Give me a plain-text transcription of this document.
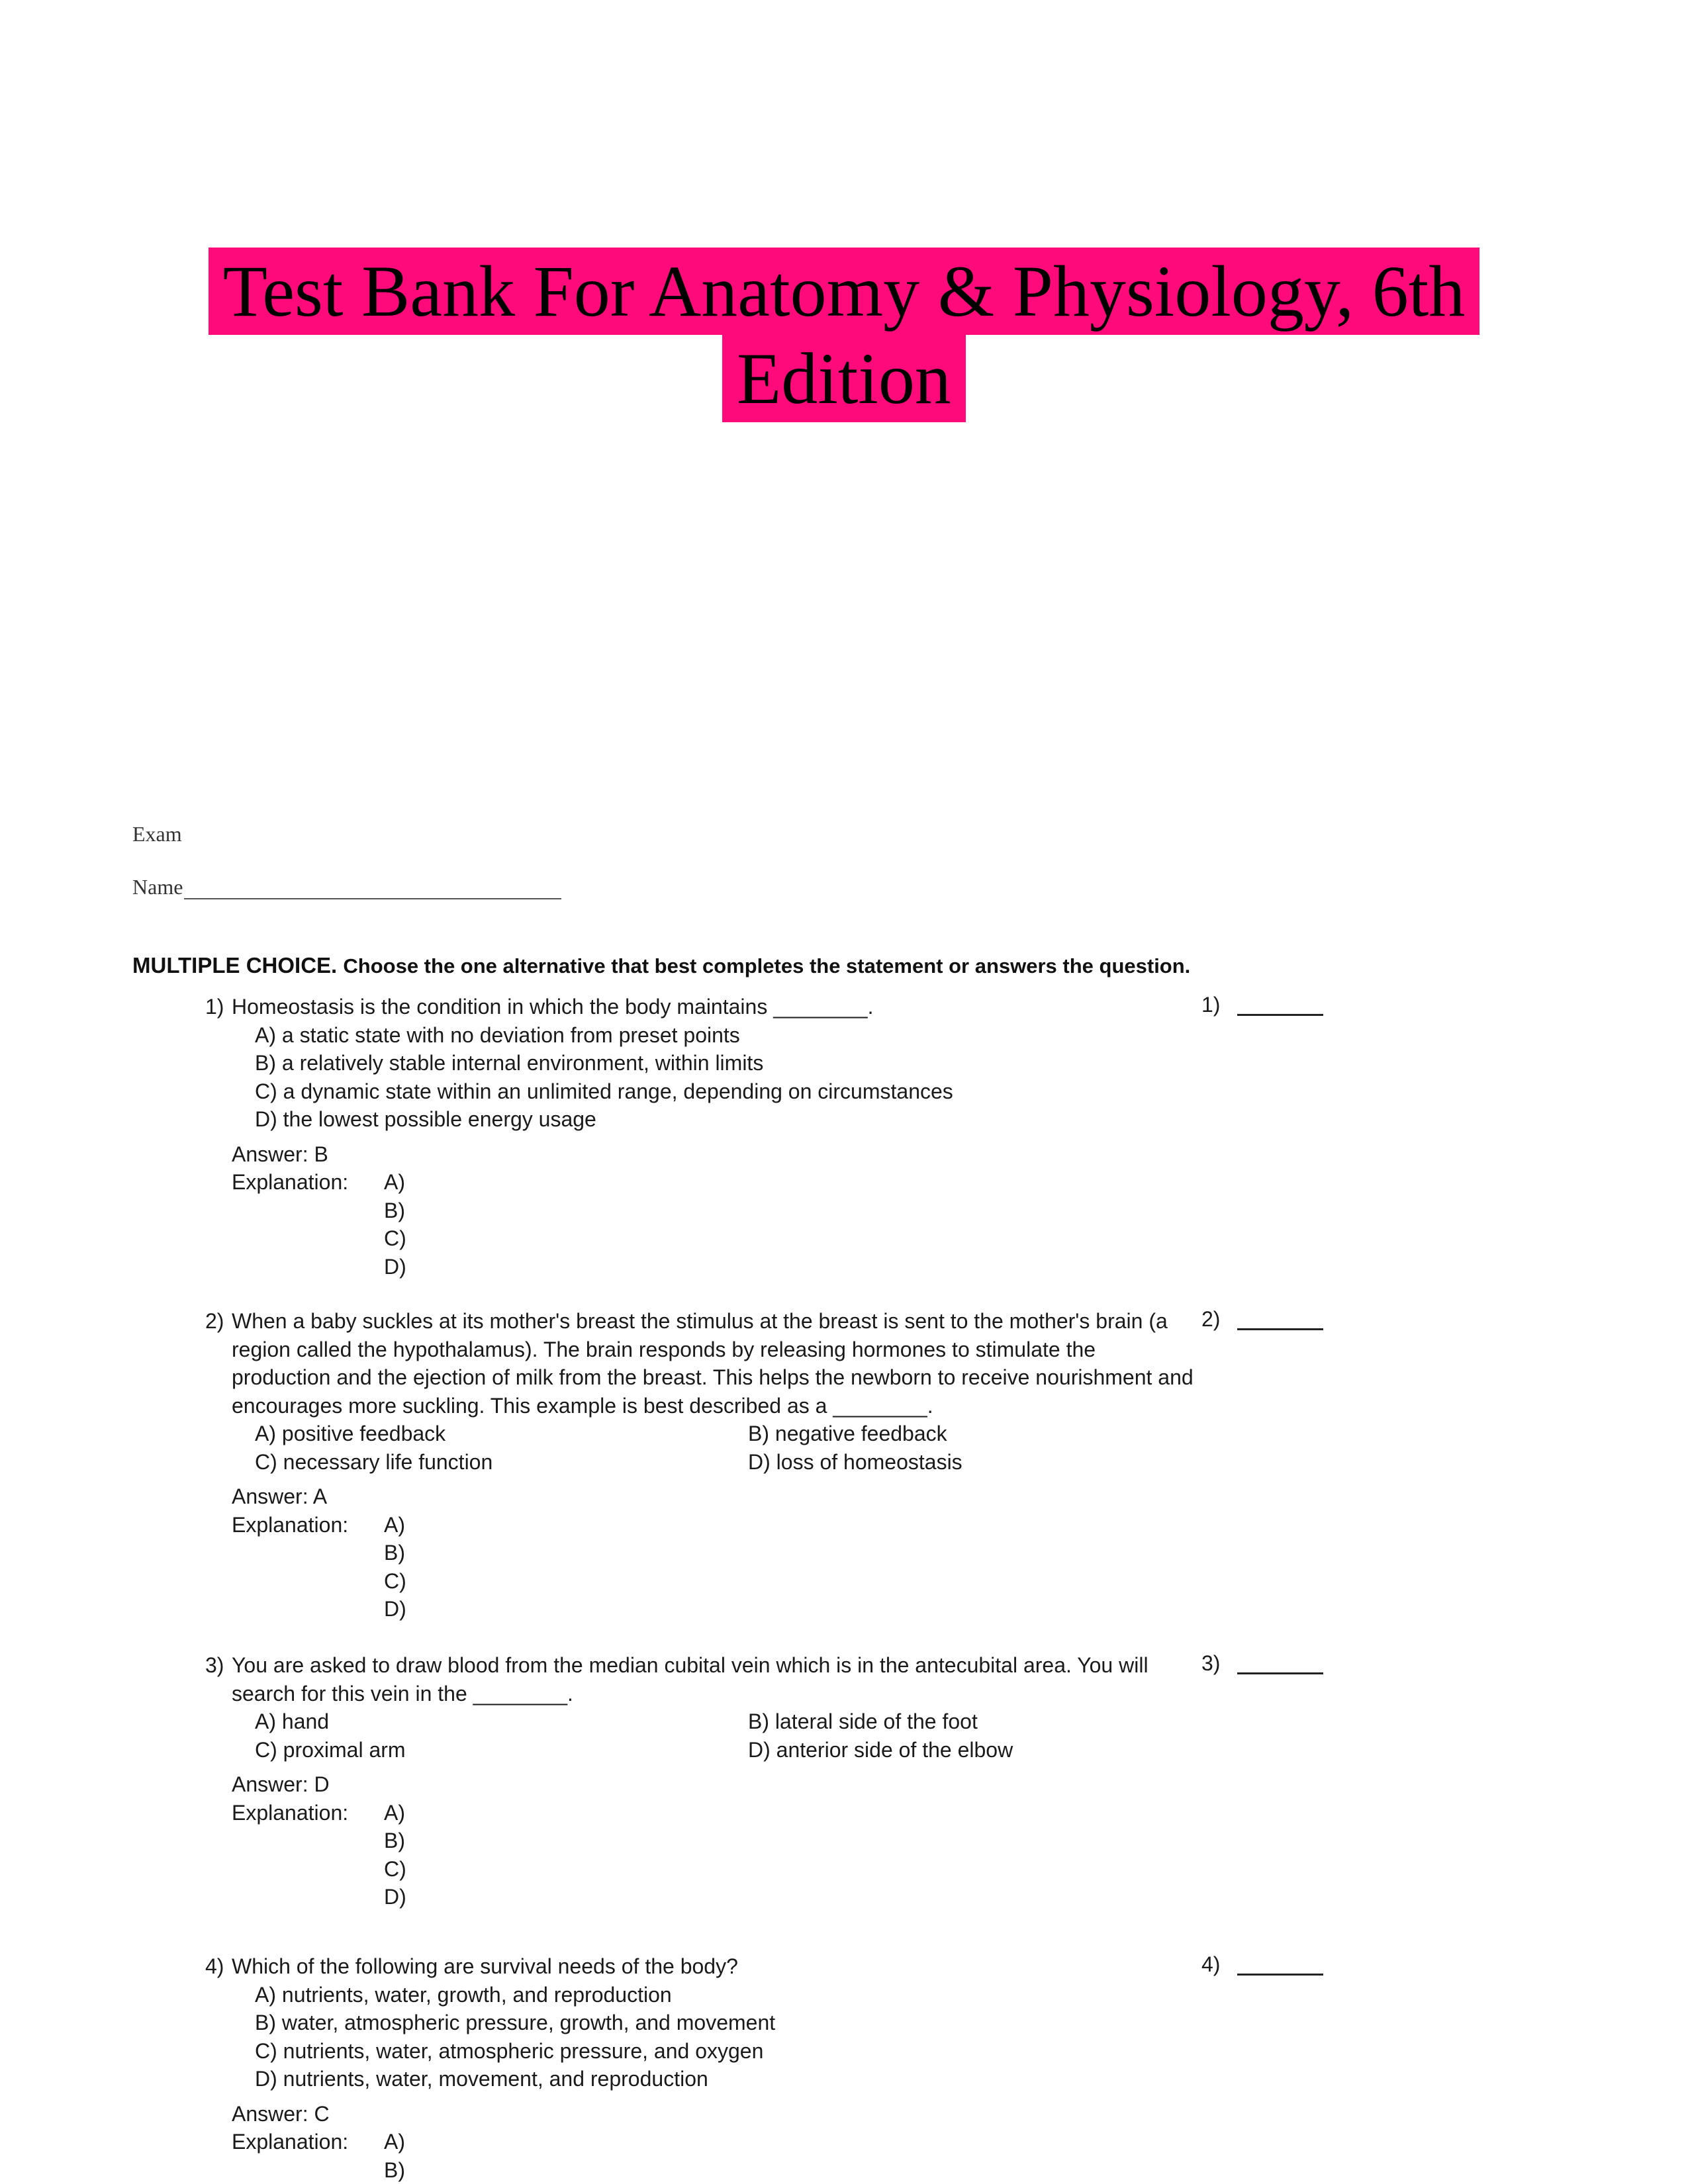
Test Bank For Anatomy & Physiology, 6th
Edition
Exam
Name
MULTIPLE CHOICE. Choose the one alternative that best completes the statement or answers the question.
1) Homeostasis is the condition in which the body maintains ________.
A) a static state with no deviation from preset points
B) a relatively stable internal environment, within limits
C) a dynamic state within an unlimited range, depending on circumstances
D) the lowest possible energy usage
Answer: B
Explanation:	A)
B)
C)
D)
1)
2) When a baby suckles at its mother's breast the stimulus at the breast is sent to the mother's brain (a region called the hypothalamus). The brain responds by releasing hormones to stimulate the production and the ejection of milk from the breast. This helps the newborn to receive nourishment and encourages more suckling. This example is best described as a ________.
A) positive feedback	B) negative feedback
C) necessary life function	D) loss of homeostasis
Answer: A
Explanation:	A)
B)
C)
D)
2)
3) You are asked to draw blood from the median cubital vein which is in the antecubital area. You will search for this vein in the ________.
A) hand	B) lateral side of the foot
C) proximal arm	D) anterior side of the elbow
Answer: D
Explanation:	A)
B)
C)
D)
3)
4) Which of the following are survival needs of the body?
A) nutrients, water, growth, and reproduction
B) water, atmospheric pressure, growth, and movement
C) nutrients, water, atmospheric pressure, and oxygen
D) nutrients, water, movement, and reproduction
Answer: C
Explanation:	A)
B)
4)
